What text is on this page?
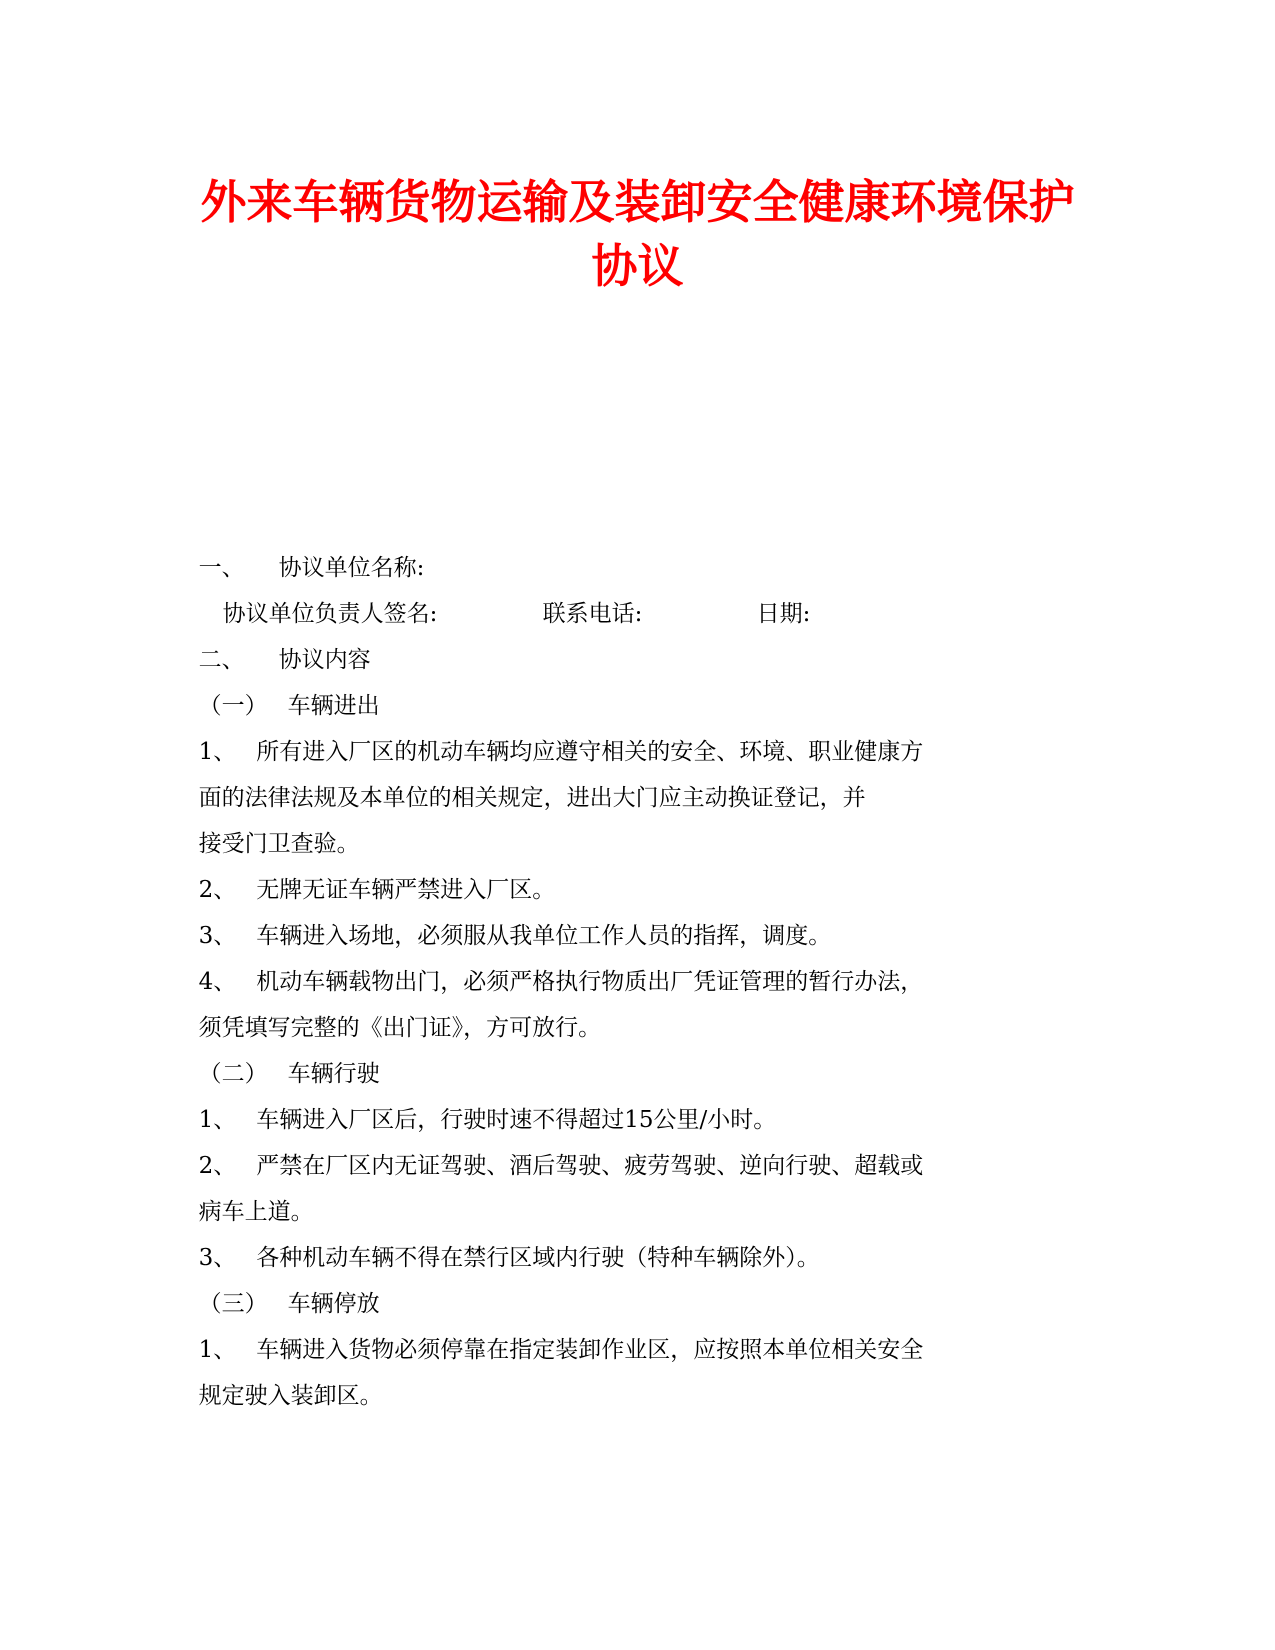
外来车辆货物运输及装卸安全健康环境保护
协议

一、 协议单位名称:

协议单位负责人签名:	联系电话:	日期:

二、 协议内容

（一） 车辆进出

1、 所有进入厂区的机动车辆均应遵守相关的安全、环境、职业健康方

面的法律法规及本单位的相关规定，进出大门应主动换证登记，并

接受门卫查验。

2、 无牌无证车辆严禁进入厂区。

3、 车辆进入场地，必须服从我单位工作人员的指挥，调度。

4、 机动车辆载物出门，必须严格执行物质出厂凭证管理的暂行办法，

须凭填写完整的《出门证》，方可放行。

（二） 车辆行驶

1、 车辆进入厂区后，行驶时速不得超过15公里/小时。

2、 严禁在厂区内无证驾驶、酒后驾驶、疲劳驾驶、逆向行驶、超载或

病车上道。

3、 各种机动车辆不得在禁行区域内行驶（特种车辆除外）。

（三） 车辆停放

1、 车辆进入货物必须停靠在指定装卸作业区，应按照本单位相关安全

规定驶入装卸区。
